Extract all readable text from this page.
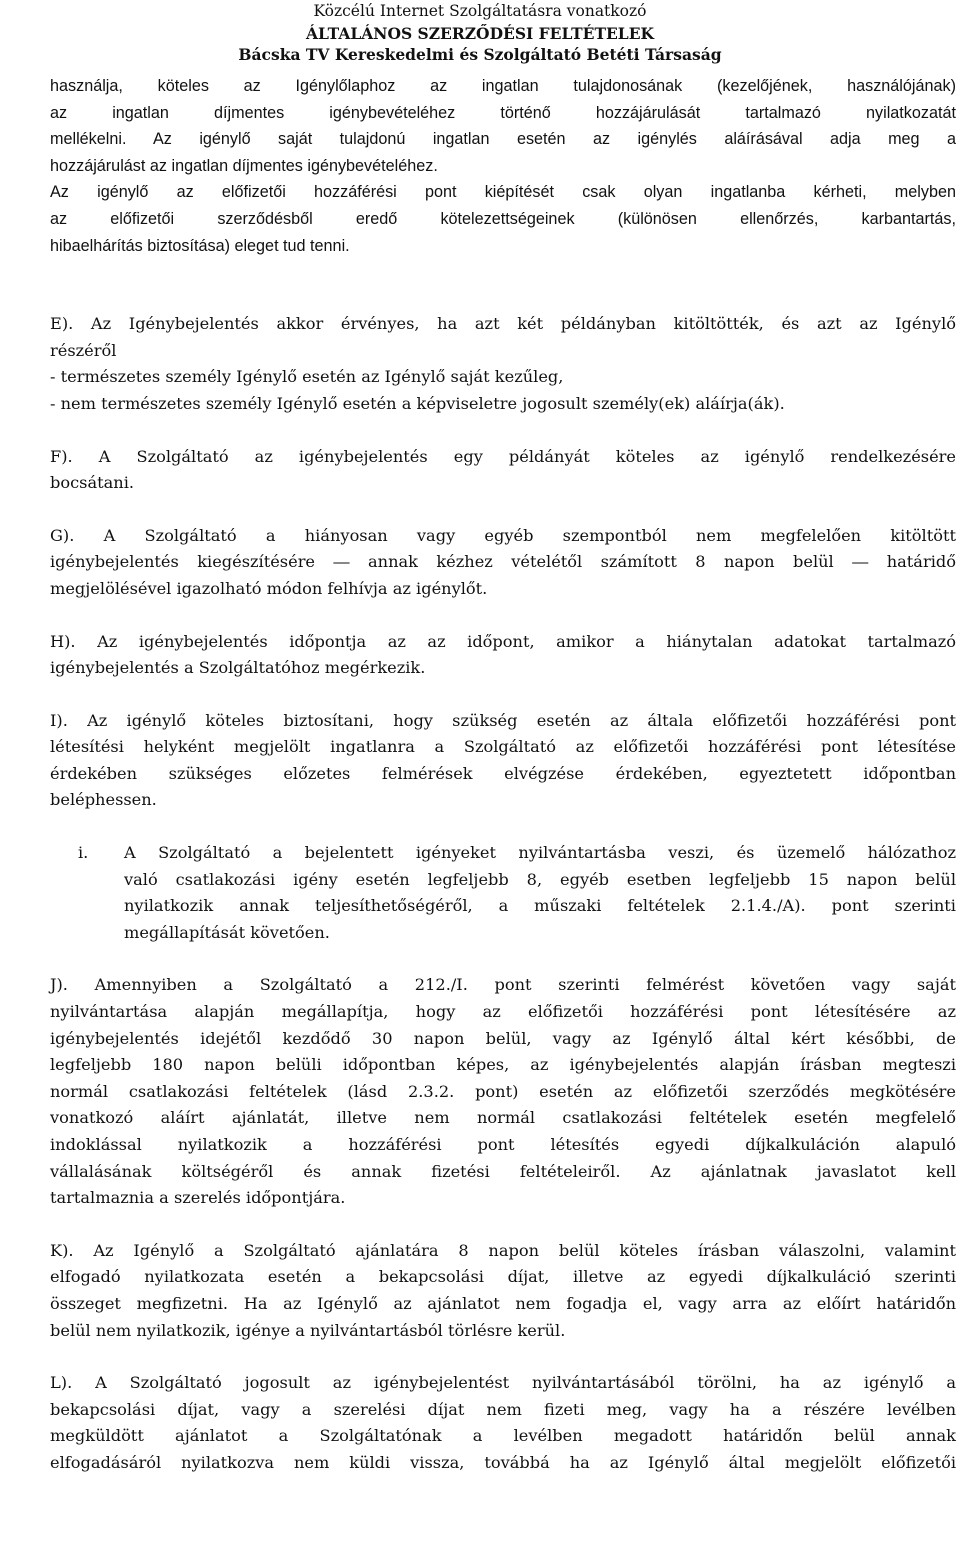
Közcélú Internet Szolgáltatásra vonatkozó
ÁLTALÁNOS SZERZŐDÉSI FELTÉTELEK
Bácska TV Kereskedelmi és Szolgáltató Betéti Társaság

használja, köteles az Igénylőlaphoz az ingatlan tulajdonosának (kezelőjének, használójának)
az ingatlan díjmentes igénybevételéhez történő hozzájárulását tartalmazó nyilatkozatát
mellékelni. Az igénylő saját tulajdonú ingatlan esetén az igénylés aláírásával adja meg a
hozzájárulást az ingatlan díjmentes igénybevételéhez.
Az igénylő az előfizetői hozzáférési pont kiépítését csak olyan ingatlanba kérheti, melyben
az előfizetői szerződésből eredő kötelezettségeinek (különösen ellenőrzés, karbantartás,
hibaelhárítás biztosítása) eleget tud tenni.

E). Az Igénybejelentés akkor érvényes, ha azt két példányban kitöltötték, és azt az Igénylő
részéről
- természetes személy Igénylő esetén az Igénylő saját kezűleg,
- nem természetes személy Igénylő esetén a képviseletre jogosult személy(ek) aláírja(ák).

F). A Szolgáltató az igénybejelentés egy példányát köteles az igénylő rendelkezésére
bocsátani.

G). A Szolgáltató a hiányosan vagy egyéb szempontból nem megfelelően kitöltött
igénybejelentés kiegészítésére ― annak kézhez vételétől számított 8 napon belül ― határidő
megjelölésével igazolható módon felhívja az igénylőt.

H). Az igénybejelentés időpontja az az időpont, amikor a hiánytalan adatokat tartalmazó
igénybejelentés a Szolgáltatóhoz megérkezik.

I). Az igénylő köteles biztosítani, hogy szükség esetén az általa előfizetői hozzáférési pont
létesítési helyként megjelölt ingatlanra a Szolgáltató az előfizetői hozzáférési pont létesítése
érdekében szükséges előzetes felmérések elvégzése érdekében, egyeztetett időpontban
beléphessen.

i. A Szolgáltató a bejelentett igényeket nyilvántartásba veszi, és üzemelő hálózathoz
való csatlakozási igény esetén legfeljebb 8, egyéb esetben legfeljebb 15 napon belül
nyilatkozik annak teljesíthetőségéről, a műszaki feltételek 2.1.4./A). pont szerinti
megállapítását követően.

J). Amennyiben a Szolgáltató a 212./I. pont szerinti felmérést követően vagy saját
nyilvántartása alapján megállapítja, hogy az előfizetői hozzáférési pont létesítésére az
igénybejelentés idejétől kezdődő 30 napon belül, vagy az Igénylő által kért későbbi, de
legfeljebb 180 napon belüli időpontban képes, az igénybejelentés alapján írásban megteszi
normál csatlakozási feltételek (lásd 2.3.2. pont) esetén az előfizetői szerződés megkötésére
vonatkozó aláírt ajánlatát, illetve nem normál csatlakozási feltételek esetén megfelelő
indoklással nyilatkozik a hozzáférési pont létesítés egyedi díjkalkuláción alapuló
vállalásának költségéről és annak fizetési feltételeiről. Az ajánlatnak javaslatot kell
tartalmaznia a szerelés időpontjára.

K). Az Igénylő a Szolgáltató ajánlatára 8 napon belül köteles írásban válaszolni, valamint
elfogadó nyilatkozata esetén a bekapcsolási díjat, illetve az egyedi díjkalkuláció szerinti
összeget megfizetni. Ha az Igénylő az ajánlatot nem fogadja el, vagy arra az előírt határidőn
belül nem nyilatkozik, igénye a nyilvántartásból törlésre kerül.

L). A Szolgáltató jogosult az igénybejelentést nyilvántartásából törölni, ha az igénylő a
bekapcsolási díjat, vagy a szerelési díjat nem fizeti meg, vagy ha a részére levélben
megküldött ajánlatot a Szolgáltatónak a levélben megadott határidőn belül annak
elfogadásáról nyilatkozva nem küldi vissza, továbbá ha az Igénylő által megjelölt előfizetői
